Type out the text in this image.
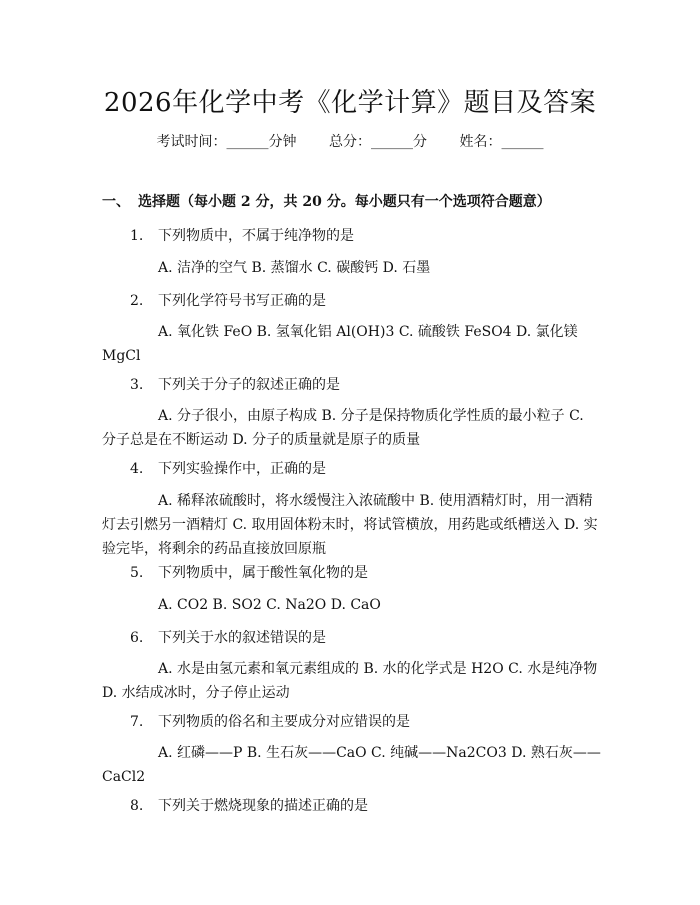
2026年化学中考《化学计算》题目及答案
考试时间：______分钟 总分：______分 姓名：______
一、 选择题（每小题 2 分，共 20 分。每小题只有一个选项符合题意）
1. 下列物质中，不属于纯净物的是
A. 洁净的空气 B. 蒸馏水 C. 碳酸钙 D. 石墨
2. 下列化学符号书写正确的是
A. 氧化铁 FeO B. 氢氧化铝 Al(OH)3 C. 硫酸铁 FeSO4 D. 氯化镁 MgCl
3. 下列关于分子的叙述正确的是
A. 分子很小，由原子构成 B. 分子是保持物质化学性质的最小粒子 C. 分子总是在不断运动 D. 分子的质量就是原子的质量
4. 下列实验操作中，正确的是
A. 稀释浓硫酸时，将水缓慢注入浓硫酸中 B. 使用酒精灯时，用一酒精灯去引燃另一酒精灯 C. 取用固体粉末时，将试管横放，用药匙或纸槽送入 D. 实验完毕，将剩余的药品直接放回原瓶
5. 下列物质中，属于酸性氧化物的是
A. CO2 B. SO2 C. Na2O D. CaO
6. 下列关于水的叙述错误的是
A. 水是由氢元素和氧元素组成的 B. 水的化学式是 H2O C. 水是纯净物 D. 水结成冰时，分子停止运动
7. 下列物质的俗名和主要成分对应错误的是
A. 红磷——P B. 生石灰——CaO C. 纯碱——Na2CO3 D. 熟石灰——CaCl2
8. 下列关于燃烧现象的描述正确的是
